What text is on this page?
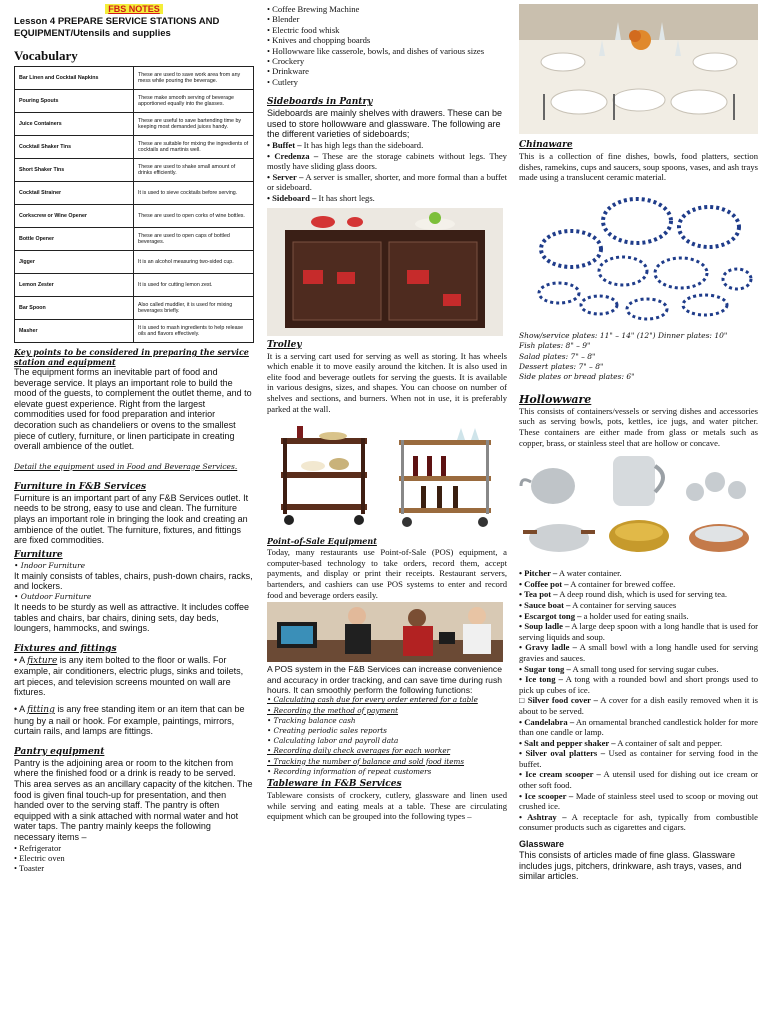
FBS NOTES

Lesson 4 PREPARE SERVICE STATIONS AND EQUIPMENT/Utensils and supplies

Vocabulary

Bar Linen and Cocktail Napkins	These are used to save work area from any mess while pouring the beverage.
Pouring Spouts	These make smooth serving of beverage apportioned equally into the glasses.
Juice Containers	These are useful to save bartending time by keeping most demanded juices handy.
Cocktail Shaker Tins	These are suitable for mixing the ingredients of cocktails and martinis well.
Short Shaker Tins	These are used to shake small amount of drinks efficiently.
Cocktail Strainer	It is used to sieve cocktails before serving.
Corkscrew or Wine Opener	These are used to open corks of wine bottles.
Bottle Opener	These are used to open caps of bottled beverages.
Jigger	It is an alcohol measuring two-sided cup.
Lemon Zester	It is used for cutting lemon zest.
Bar Spoon	Also called muddler, it is used for mixing beverages briefly.
Masher	It is used to mash ingredients to help release oils and flavors effectively.

Key points to be considered in preparing the service station and equipment

The equipment forms an inevitable part of food and beverage service. It plays an important role to build the mood of the guests, to complement the outlet theme, and to elevate guest experience. Right from the largest commodities used for food preparation and interior decoration such as chandeliers or ovens to the smallest piece of cutlery, furniture, or linen participate in creating overall ambience of the outlet.

Detail the equipment used in Food and Beverage Services.

Furniture in F&B Services

Furniture is an important part of any F&B Services outlet. It needs to be strong, easy to use and clean. The furniture plays an important role in bringing the look and creating an ambience of the outlet. The furniture, fixtures, and fittings are fixed commodities.

Furniture

• Indoor Furniture

It mainly consists of tables, chairs, push-down chairs, racks, and lockers.

• Outdoor Furniture

It needs to be sturdy as well as attractive. It includes coffee tables and chairs, bar chairs, dining sets, day beds, loungers, hammocks, and swings.

Fixtures and fittings

• A fixture is any item bolted to the floor or walls. For example, air conditioners, electric plugs, sinks and toilets, art pieces, and television screens mounted on wall are fixtures.

• A fitting is any free standing item or an item that can be hung by a nail or hook. For example, paintings, mirrors, curtain rails, and lamps are fittings.

Pantry equipment

Pantry is the adjoining area or room to the kitchen from where the finished food or a drink is ready to be served. This area serves as an ancillary capacity of the kitchen. The food is given final touch-up for presentation, and then handed over to the serving staff. The pantry is often equipped with a sink attached with normal water and hot water taps. The pantry mainly keeps the following necessary items –

• Refrigerator
• Electric oven
• Toaster
• Coffee Brewing Machine
• Blender
• Electric food whisk
• Knives and chopping boards
• Hollowware like casserole, bowls, and dishes of various sizes
• Crockery
• Drinkware
• Cutlery

Sideboards in Pantry

Sideboards are mainly shelves with drawers. These can be used to store hollowware and glassware. The following are the different varieties of sideboards;

• Buffet – It has high legs than the sideboard.

• Credenza – These are the storage cabinets without legs. They mostly have sliding glass doors.

• Server – A server is smaller, shorter, and more formal than a buffet or sideboard.

• Sideboard – It has short legs.

Trolley

It is a serving cart used for serving as well as storing. It has wheels which enable it to move easily around the kitchen. It is also used in elite food and beverage outlets for serving the guests. It is available in various designs, sizes, and shapes. You can choose on number of shelves and sections, and burners. When not in use, it is preferably parked at the wall.

Point-of-Sale Equipment

Today, many restaurants use Point-of-Sale (POS) equipment, a computer-based technology to take orders, record them, accept payments, and display or print their receipts. Restaurant servers, bartenders, and cashiers can use POS systems to enter and record food and beverage orders easily.

A POS system in the F&B Services can increase convenience and accuracy in order tracking, and can save time during rush hours. It can smoothly perform the following functions:

• Calculating cash due for every order entered for a table
• Recording the method of payment
• Tracking balance cash
• Creating periodic sales reports
• Calculating labor and payroll data
• Recording daily check averages for each worker
• Tracking the number of balance and sold food items
• Recording information of repeat customers

Tableware in F&B Services

Tableware consists of crockery, cutlery, glassware and linen used while serving and eating meals at a table. These are circulating equipment which can be grouped into the following types –

Chinaware

This is a collection of fine dishes, bowls, food platters, section dishes, ramekins, cups and saucers, soup spoons, vases, and ash trays made using a translucent ceramic material.

Show/service plates: 11" – 14" (12") Dinner plates: 10"

Fish plates: 8" – 9"

Salad plates: 7" – 8"

Dessert plates: 7" – 8"

Side plates or bread plates: 6"

Hollowware

This consists of containers/vessels or serving dishes and accessories such as serving bowls, pots, kettles, ice jugs, and water pitcher. These containers are either made from glass or metals such as copper, brass, or stainless steel that are hollow or concave.

• Pitcher – A water container.

• Coffee pot – A container for brewed coffee.

• Tea pot – A deep round dish, which is used for serving tea.

• Sauce boat – A container for serving sauces

• Escargot tong – a holder used for eating snails.

• Soup ladle – A large deep spoon with a long handle that is used for serving liquids and soup.

• Gravy ladle – A small bowl with a long handle used for serving gravies and sauces.

• Sugar tong – A small tong used for serving sugar cubes.

• Ice tong – A tong with a rounded bowl and short prongs used to pick up cubes of ice.

□ Silver food cover – A cover for a dish easily removed when it is about to be served.

• Candelabra – An ornamental branched candlestick holder for more than one candle or lamp.

• Salt and pepper shaker – A container of salt and pepper.

• Silver oval platters – Used as container for serving food in the buffet.

• Ice cream scooper – A utensil used for dishing out ice cream or other soft food.

• Ice scooper – Made of stainless steel used to scoop or moving out crushed ice.

• Ashtray – A receptacle for ash, typically from combustible consumer products such as cigarettes and cigars.

Glassware

This consists of articles made of fine glass. Glassware includes jugs, pitchers, drinkware, ash trays, vases, and similar articles.
